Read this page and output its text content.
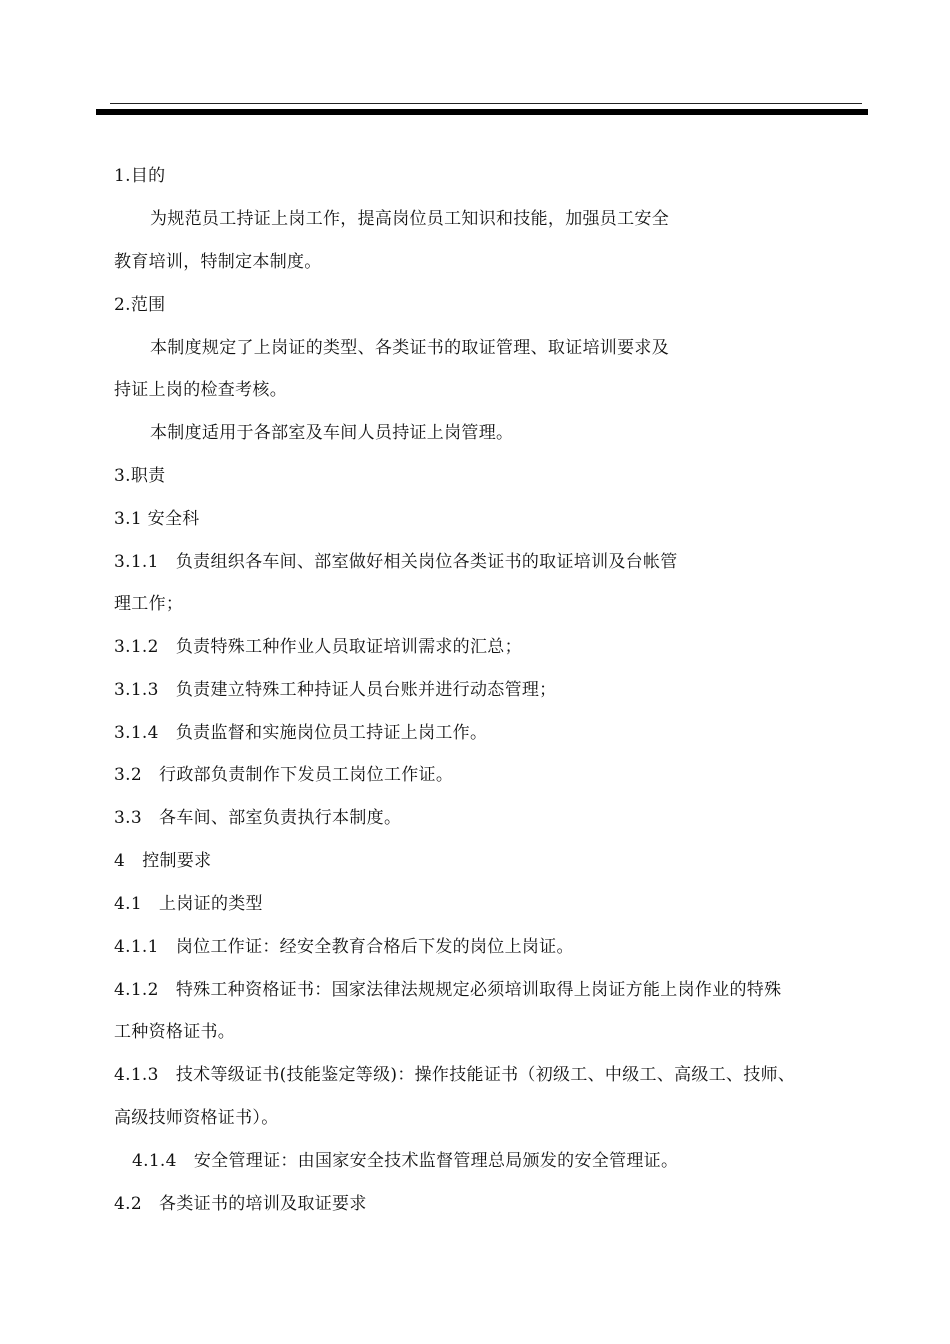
1.目的
为规范员工持证上岗工作，提高岗位员工知识和技能，加强员工安全
教育培训，特制定本制度。
2.范围
本制度规定了上岗证的类型、各类证书的取证管理、取证培训要求及
持证上岗的检查考核。
本制度适用于各部室及车间人员持证上岗管理。
3.职责
3.1 安全科
3.1.1   负责组织各车间、部室做好相关岗位各类证书的取证培训及台帐管
理工作；
3.1.2   负责特殊工种作业人员取证培训需求的汇总；
3.1.3   负责建立特殊工种持证人员台账并进行动态管理；
3.1.4   负责监督和实施岗位员工持证上岗工作。
3.2   行政部负责制作下发员工岗位工作证。
3.3   各车间、部室负责执行本制度。
4   控制要求
4.1   上岗证的类型
4.1.1   岗位工作证：经安全教育合格后下发的岗位上岗证。
4.1.2   特殊工种资格证书：国家法律法规规定必须培训取得上岗证方能上岗作业的特殊
工种资格证书。
4.1.3   技术等级证书(技能鉴定等级)：操作技能证书（初级工、中级工、高级工、技师、
高级技师资格证书）。
4.1.4   安全管理证：由国家安全技术监督管理总局颁发的安全管理证。
4.2   各类证书的培训及取证要求
